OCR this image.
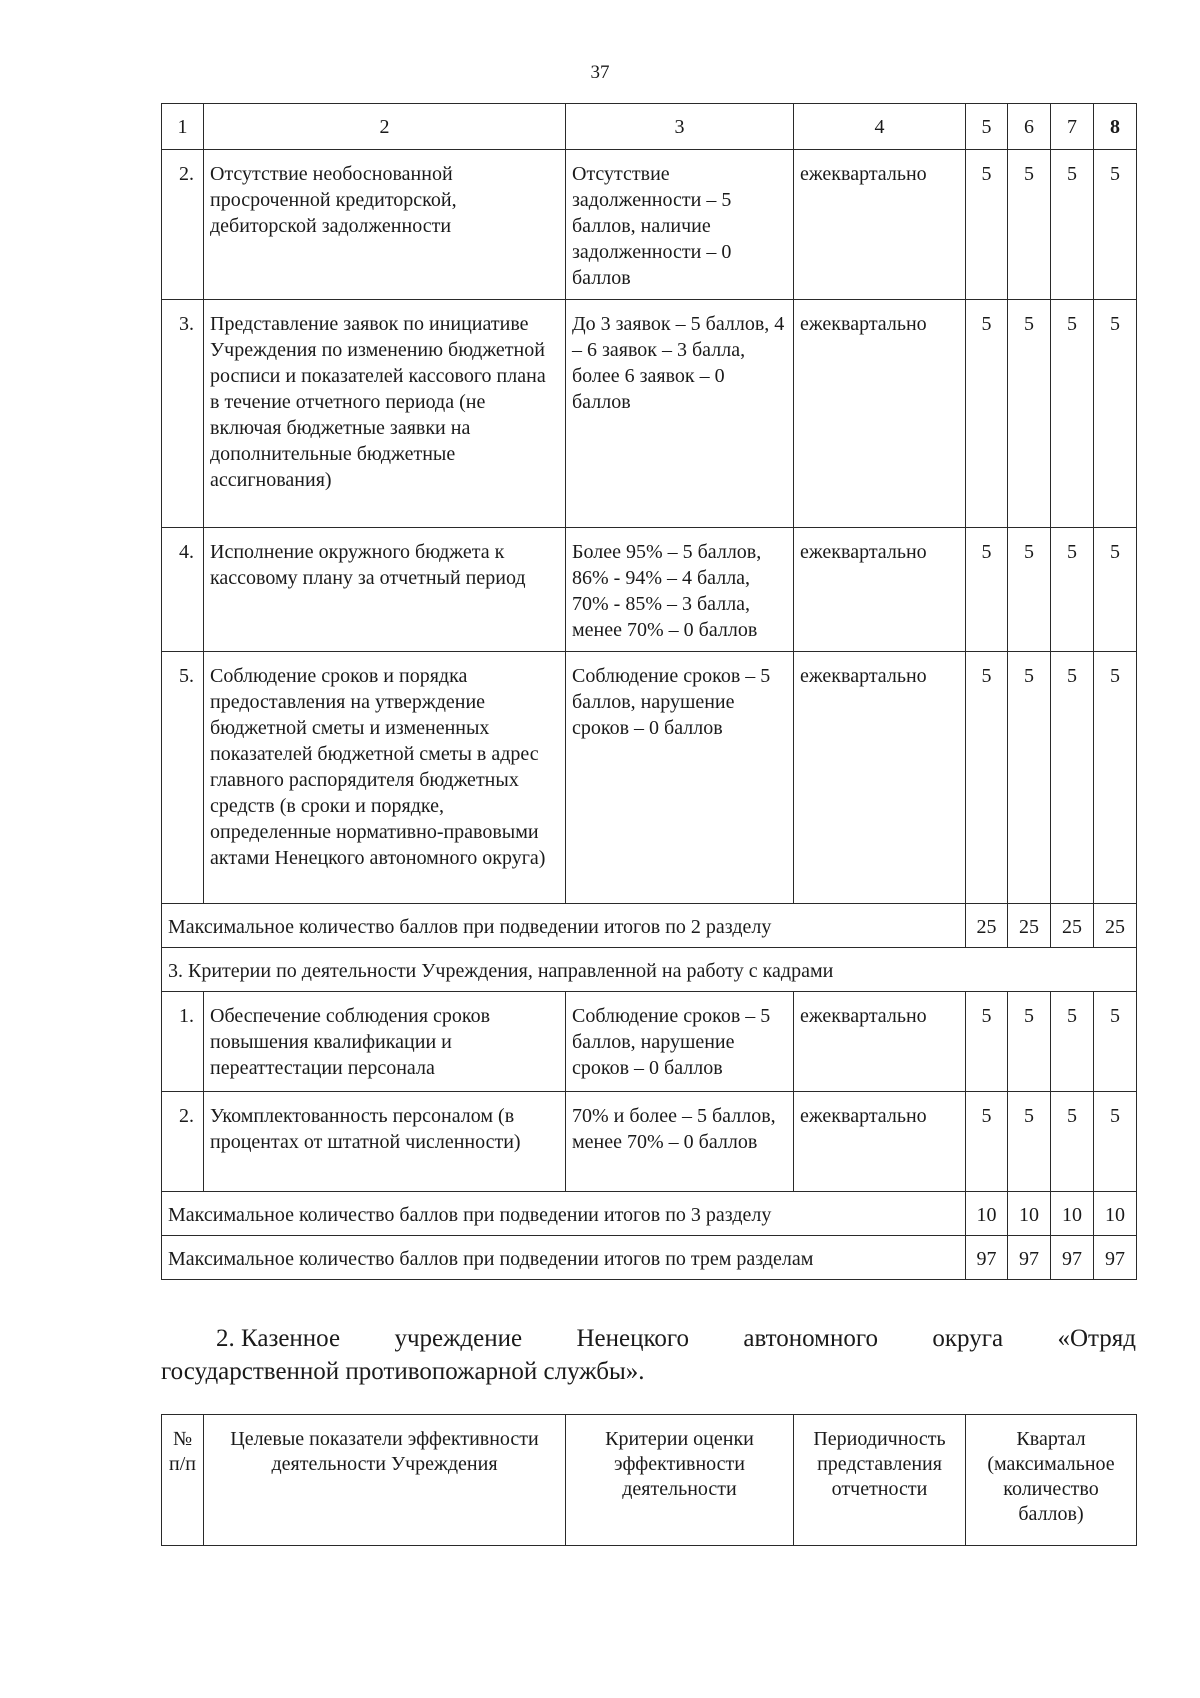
37
1	2	3	4	5	6	7	8
2.	Отсутствие необоснованной просроченной кредиторской, дебиторской задолженности	Отсутствие задолженности – 5 баллов, наличие задолженности – 0 баллов	ежеквартально	5	5	5	5
3.	Представление заявок по инициативе Учреждения по изменению бюджетной росписи и показателей кассового плана в течение отчетного периода (не включая бюджетные заявки на дополнительные бюджетные ассигнования)	До 3 заявок – 5 баллов, 4 – 6 заявок – 3 балла, более 6 заявок – 0 баллов	ежеквартально	5	5	5	5
4.	Исполнение окружного бюджета к кассовому плану за отчетный период	Более 95% – 5 баллов, 86% - 94% – 4 балла, 70% - 85% – 3 балла, менее 70% – 0 баллов	ежеквартально	5	5	5	5
5.	Соблюдение сроков и порядка предоставления на утверждение бюджетной сметы и измененных показателей бюджетной сметы в адрес главного распорядителя бюджетных средств (в сроки и порядке, определенные нормативно-правовыми актами Ненецкого автономного округа)	Соблюдение сроков – 5 баллов, нарушение сроков – 0 баллов	ежеквартально	5	5	5	5
Максимальное количество баллов при подведении итогов по 2 разделу				25	25	25	25
3. Критерии по деятельности Учреждения, направленной на работу с кадрами							
1.	Обеспечение соблюдения сроков повышения квалификации и переаттестации персонала	Соблюдение сроков – 5 баллов, нарушение сроков – 0 баллов	ежеквартально	5	5	5	5
2.	Укомплектованность персоналом (в процентах от штатной численности)	70% и более – 5 баллов, менее 70% – 0 баллов	ежеквартально	5	5	5	5
Максимальное количество баллов при подведении итогов по 3 разделу				10	10	10	10
Максимальное количество баллов при подведении итогов по трем разделам				97	97	97	97
2. Казенное учреждение Ненецкого автономного округа «Отряд
государственной противопожарной службы».
№ п/п	Целевые показатели эффективности деятельности Учреждения	Критерии оценки эффективности деятельности	Периодичность представления отчетности	Квартал (максимальное количество баллов)
